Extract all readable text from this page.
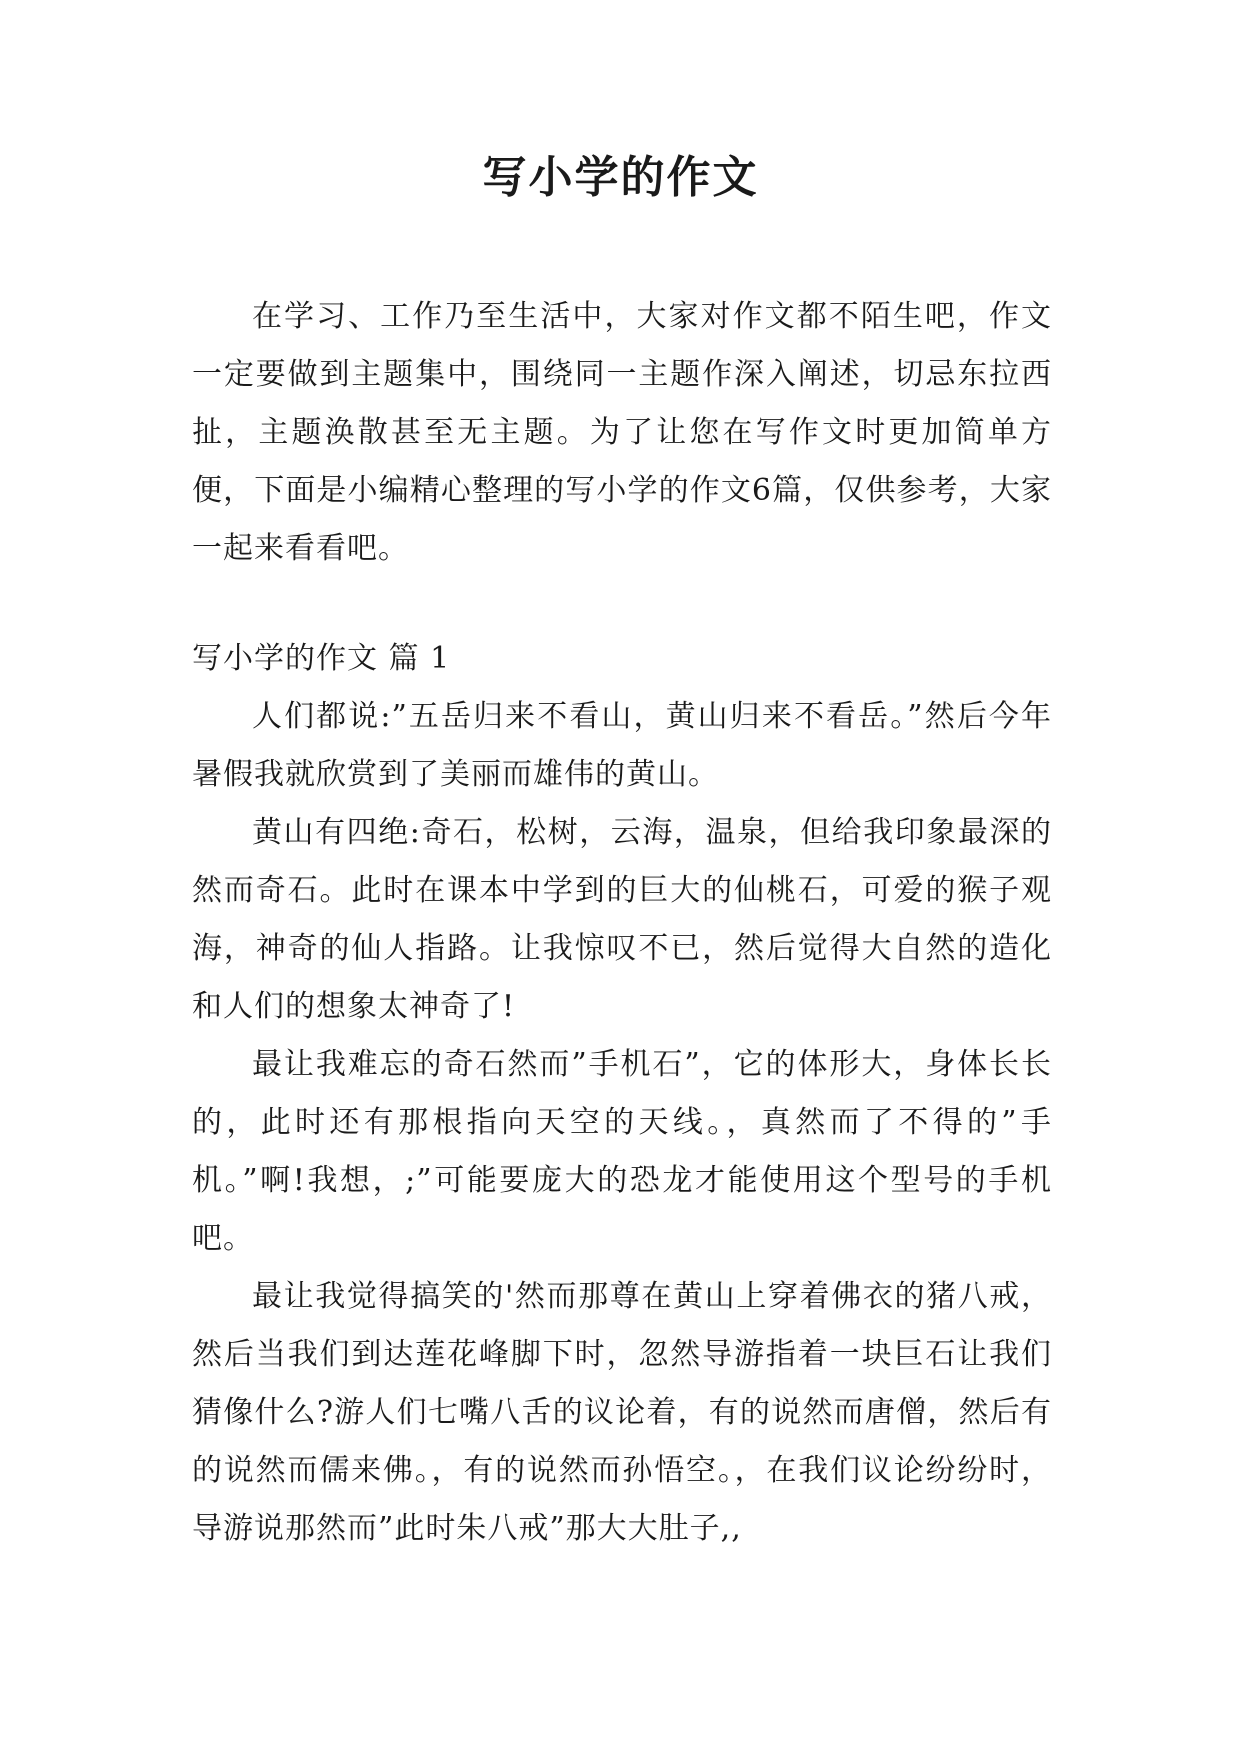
写小学的作文

在学习、工作乃至生活中，大家对作文都不陌生吧，作文一定要做到主题集中，围绕同一主题作深入阐述，切忌东拉西扯，主题涣散甚至无主题。为了让您在写作文时更加简单方便，下面是小编精心整理的写小学的作文6篇，仅供参考，大家一起来看看吧。

写小学的作文 篇 1

人们都说:”五岳归来不看山，黄山归来不看岳。”然后今年暑假我就欣赏到了美丽而雄伟的黄山。

黄山有四绝:奇石，松树，云海，温泉，但给我印象最深的然而奇石。此时在课本中学到的巨大的仙桃石，可爱的猴子观海，神奇的仙人指路。让我惊叹不已，然后觉得大自然的造化和人们的想象太神奇了!

最让我难忘的奇石然而”手机石”，它的体形大，身体长长的，此时还有那根指向天空的天线。，真然而了不得的”手机。”啊!我想，;”可能要庞大的恐龙才能使用这个型号的手机吧。

最让我觉得搞笑的'然而那尊在黄山上穿着佛衣的猪八戒，然后当我们到达莲花峰脚下时，忽然导游指着一块巨石让我们猜像什么?游人们七嘴八舌的议论着，有的说然而唐僧，然后有的说然而儒来佛。，有的说然而孙悟空。，在我们议论纷纷时，导游说那然而”此时朱八戒”那大大肚子,,
